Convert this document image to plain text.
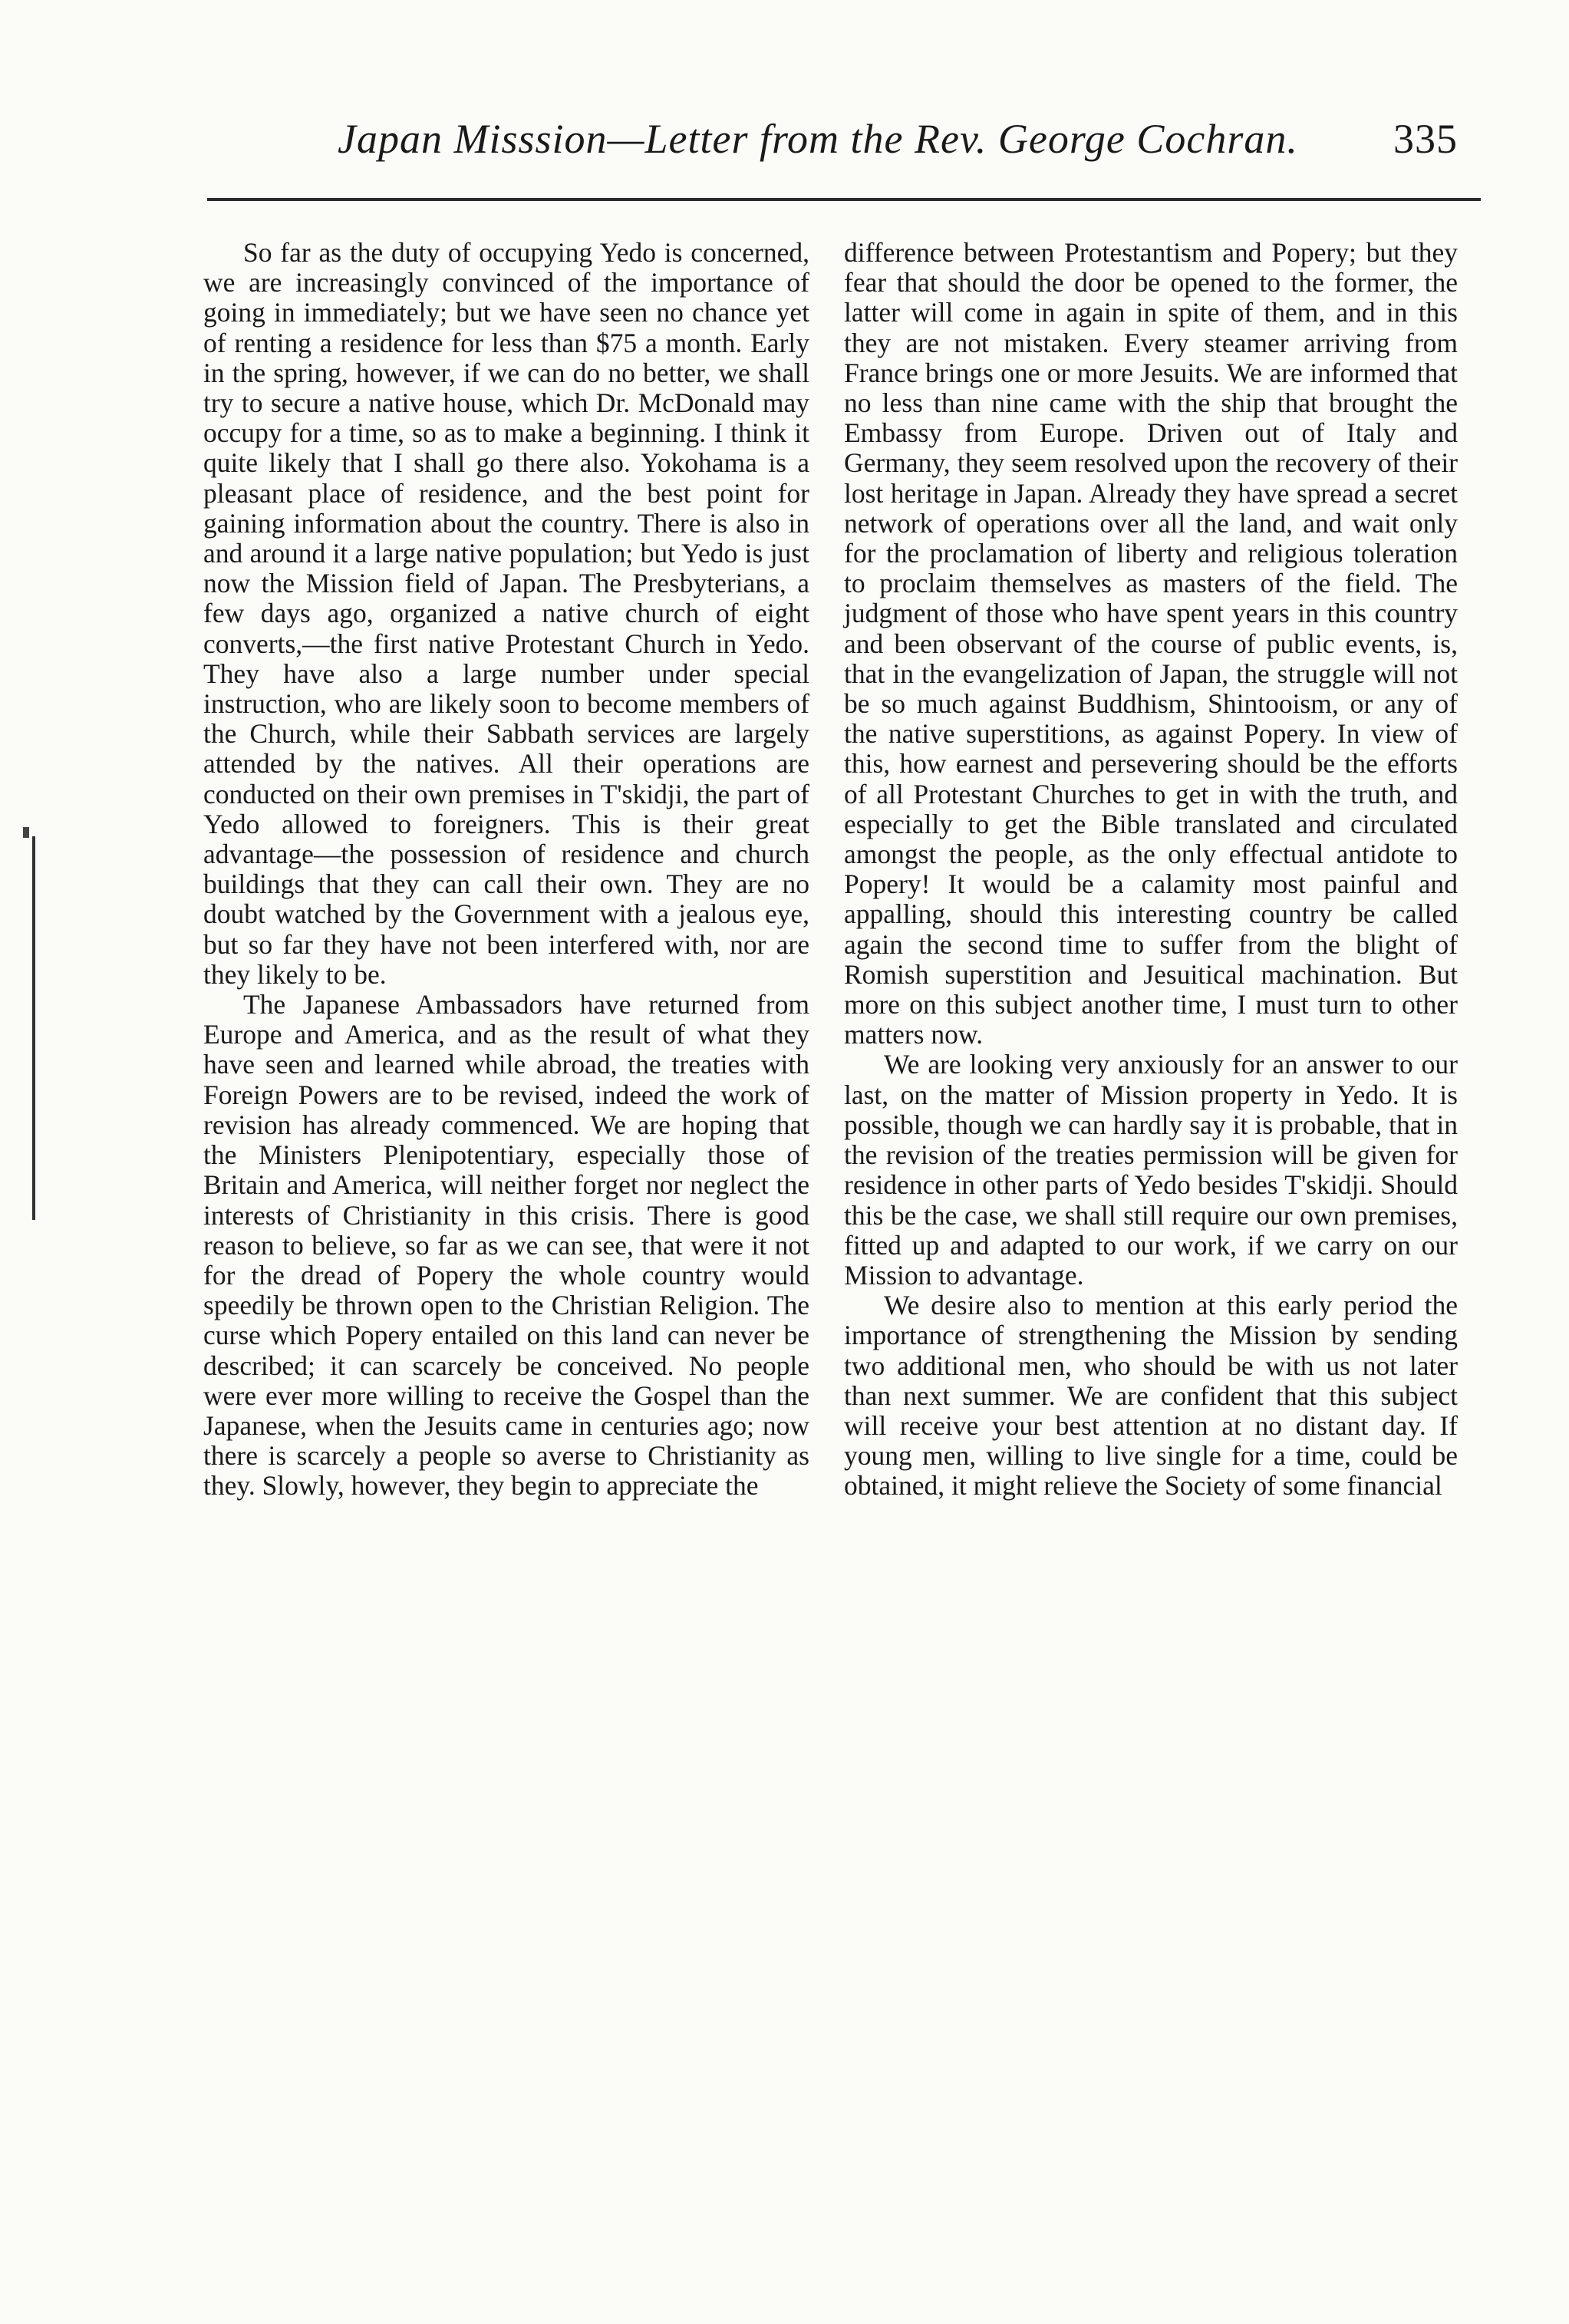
Japan Misssion—Letter from the Rev. George Cochran. 335

So far as the duty of occupying Yedo is concerned, we are increasingly convinced of the importance of going in immediately; but we have seen no chance yet of renting a residence for less than $75 a month. Early in the spring, however, if we can do no better, we shall try to secure a native house, which Dr. McDonald may occupy for a time, so as to make a beginning. I think it quite likely that I shall go there also. Yokohama is a pleasant place of residence, and the best point for gaining information about the country. There is also in and around it a large native population; but Yedo is just now the Mission field of Japan. The Presbyterians, a few days ago, organized a native church of eight converts,—the first native Protestant Church in Yedo. They have also a large number under special instruction, who are likely soon to become members of the Church, while their Sabbath services are largely attended by the natives. All their operations are conducted on their own premises in T'skidji, the part of Yedo allowed to foreigners. This is their great advantage—the possession of residence and church buildings that they can call their own. They are no doubt watched by the Government with a jealous eye, but so far they have not been interfered with, nor are they likely to be.

The Japanese Ambassadors have returned from Europe and America, and as the result of what they have seen and learned while abroad, the treaties with Foreign Powers are to be revised, indeed the work of revision has already commenced. We are hoping that the Ministers Plenipotentiary, especially those of Britain and America, will neither forget nor neglect the interests of Christianity in this crisis. There is good reason to believe, so far as we can see, that were it not for the dread of Popery the whole country would speedily be thrown open to the Christian Religion. The curse which Popery entailed on this land can never be described; it can scarcely be conceived. No people were ever more willing to receive the Gospel than the Japanese, when the Jesuits came in centuries ago; now there is scarcely a people so averse to Christianity as they. Slowly, however, they begin to appreciate the

difference between Protestantism and Popery; but they fear that should the door be opened to the former, the latter will come in again in spite of them, and in this they are not mistaken. Every steamer arriving from France brings one or more Jesuits. We are informed that no less than nine came with the ship that brought the Embassy from Europe. Driven out of Italy and Germany, they seem resolved upon the recovery of their lost heritage in Japan. Already they have spread a secret network of operations over all the land, and wait only for the proclamation of liberty and religious toleration to proclaim themselves as masters of the field. The judgment of those who have spent years in this country and been observant of the course of public events, is, that in the evangelization of Japan, the struggle will not be so much against Buddhism, Shintooism, or any of the native superstitions, as against Popery. In view of this, how earnest and persevering should be the efforts of all Protestant Churches to get in with the truth, and especially to get the Bible translated and circulated amongst the people, as the only effectual antidote to Popery! It would be a calamity most painful and appalling, should this interesting country be called again the second time to suffer from the blight of Romish superstition and Jesuitical machination. But more on this subject another time, I must turn to other matters now.

We are looking very anxiously for an answer to our last, on the matter of Mission property in Yedo. It is possible, though we can hardly say it is probable, that in the revision of the treaties permission will be given for residence in other parts of Yedo besides T'skidji. Should this be the case, we shall still require our own premises, fitted up and adapted to our work, if we carry on our Mission to advantage.

We desire also to mention at this early period the importance of strengthening the Mission by sending two additional men, who should be with us not later than next summer. We are confident that this subject will receive your best attention at no distant day. If young men, willing to live single for a time, could be obtained, it might relieve the Society of some financial
